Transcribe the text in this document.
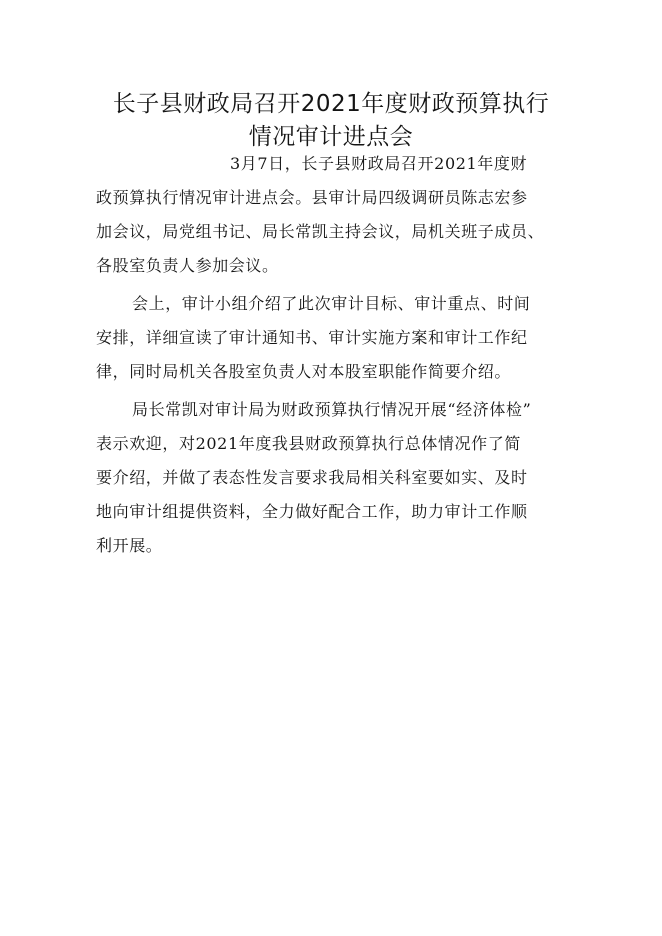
长子县财政局召开2021年度财政预算执行
情况审计进点会
3月7日，长子县财政局召开2021年度财
政预算执行情况审计进点会。县审计局四级调研员陈志宏参
加会议，局党组书记、局长常凯主持会议，局机关班子成员、
各股室负责人参加会议。
会上，审计小组介绍了此次审计目标、审计重点、时间
安排，详细宣读了审计通知书、审计实施方案和审计工作纪
律，同时局机关各股室负责人对本股室职能作简要介绍。
局长常凯对审计局为财政预算执行情况开展“经济体检”
表示欢迎，对2021年度我县财政预算执行总体情况作了简
要介绍，并做了表态性发言要求我局相关科室要如实、及时
地向审计组提供资料，全力做好配合工作，助力审计工作顺
利开展。
